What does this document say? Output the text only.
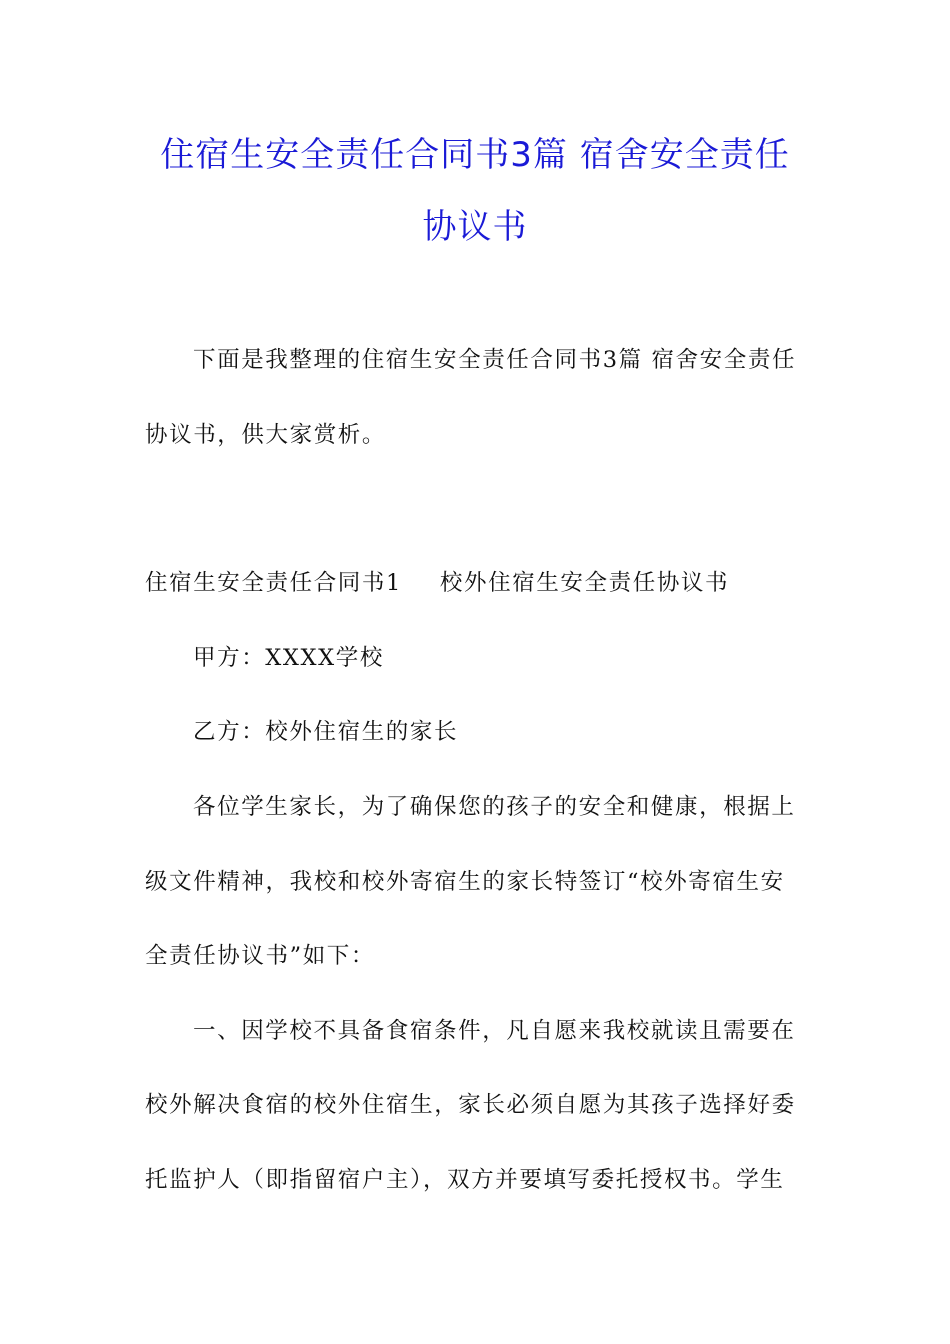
住宿生安全责任合同书3篇 宿舍安全责任
协议书
下面是我整理的住宿生安全责任合同书3篇 宿舍安全责任
协议书，供大家赏析。
住宿生安全责任合同书1 校外住宿生安全责任协议书
甲方：XXXX学校
乙方：校外住宿生的家长
各位学生家长，为了确保您的孩子的安全和健康，根据上
级文件精神，我校和校外寄宿生的家长特签订“校外寄宿生安
全责任协议书”如下：
一、因学校不具备食宿条件，凡自愿来我校就读且需要在
校外解决食宿的校外住宿生，家长必须自愿为其孩子选择好委
托监护人（即指留宿户主），双方并要填写委托授权书。学生
